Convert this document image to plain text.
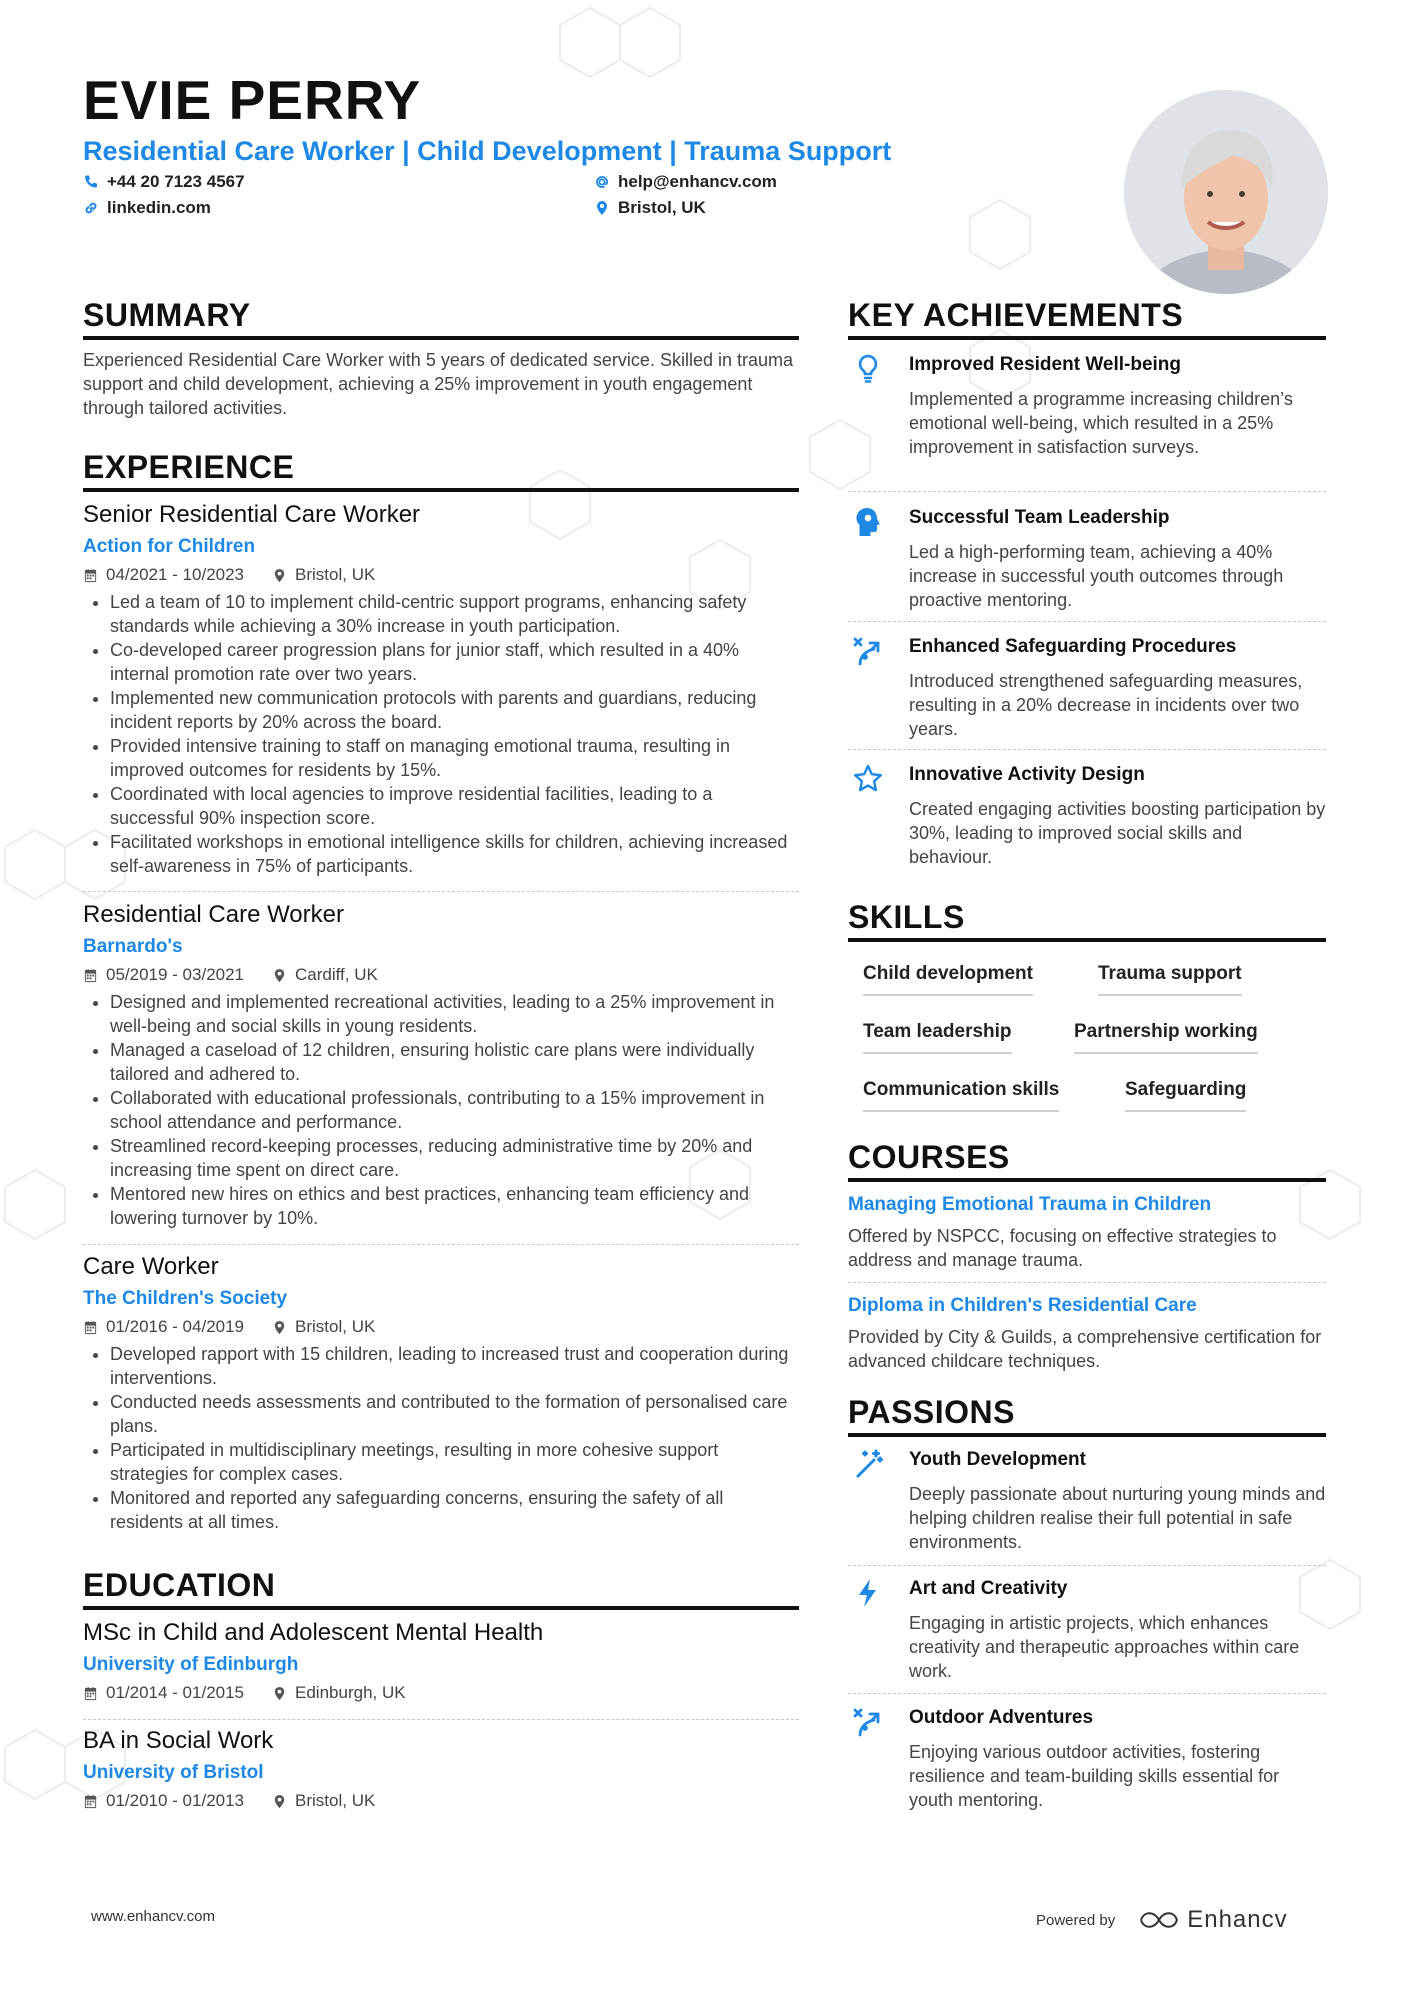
EVIE PERRY
Residential Care Worker | Child Development | Trauma Support
+44 20 7123 4567
linkedin.com
help@enhancv.com
Bristol, UK
SUMMARY
Experienced Residential Care Worker with 5 years of dedicated service. Skilled in trauma support and child development, achieving a 25% improvement in youth engagement through tailored activities.
EXPERIENCE
Senior Residential Care Worker
Action for Children
04/2021 - 10/2023	Bristol, UK
• Led a team of 10 to implement child-centric support programs, enhancing safety standards while achieving a 30% increase in youth participation.
• Co-developed career progression plans for junior staff, which resulted in a 40% internal promotion rate over two years.
• Implemented new communication protocols with parents and guardians, reducing incident reports by 20% across the board.
• Provided intensive training to staff on managing emotional trauma, resulting in improved outcomes for residents by 15%.
• Coordinated with local agencies to improve residential facilities, leading to a successful 90% inspection score.
• Facilitated workshops in emotional intelligence skills for children, achieving increased self-awareness in 75% of participants.
Residential Care Worker
Barnardo's
05/2019 - 03/2021	Cardiff, UK
• Designed and implemented recreational activities, leading to a 25% improvement in well-being and social skills in young residents.
• Managed a caseload of 12 children, ensuring holistic care plans were individually tailored and adhered to.
• Collaborated with educational professionals, contributing to a 15% improvement in school attendance and performance.
• Streamlined record-keeping processes, reducing administrative time by 20% and increasing time spent on direct care.
• Mentored new hires on ethics and best practices, enhancing team efficiency and lowering turnover by 10%.
Care Worker
The Children's Society
01/2016 - 04/2019	Bristol, UK
• Developed rapport with 15 children, leading to increased trust and cooperation during interventions.
• Conducted needs assessments and contributed to the formation of personalised care plans.
• Participated in multidisciplinary meetings, resulting in more cohesive support strategies for complex cases.
• Monitored and reported any safeguarding concerns, ensuring the safety of all residents at all times.
EDUCATION
MSc in Child and Adolescent Mental Health
University of Edinburgh
01/2014 - 01/2015	Edinburgh, UK
BA in Social Work
University of Bristol
01/2010 - 01/2013	Bristol, UK
KEY ACHIEVEMENTS
Improved Resident Well-being
Implemented a programme increasing children’s emotional well-being, which resulted in a 25% improvement in satisfaction surveys.
Successful Team Leadership
Led a high-performing team, achieving a 40% increase in successful youth outcomes through proactive mentoring.
Enhanced Safeguarding Procedures
Introduced strengthened safeguarding measures, resulting in a 20% decrease in incidents over two years.
Innovative Activity Design
Created engaging activities boosting participation by 30%, leading to improved social skills and behaviour.
SKILLS
Child development	Trauma support
Team leadership	Partnership working
Communication skills	Safeguarding
COURSES
Managing Emotional Trauma in Children
Offered by NSPCC, focusing on effective strategies to address and manage trauma.
Diploma in Children's Residential Care
Provided by City & Guilds, a comprehensive certification for advanced childcare techniques.
PASSIONS
Youth Development
Deeply passionate about nurturing young minds and helping children realise their full potential in safe environments.
Art and Creativity
Engaging in artistic projects, which enhances creativity and therapeutic approaches within care work.
Outdoor Adventures
Enjoying various outdoor activities, fostering resilience and team-building skills essential for youth mentoring.
www.enhancv.com	Powered by	Enhancv
